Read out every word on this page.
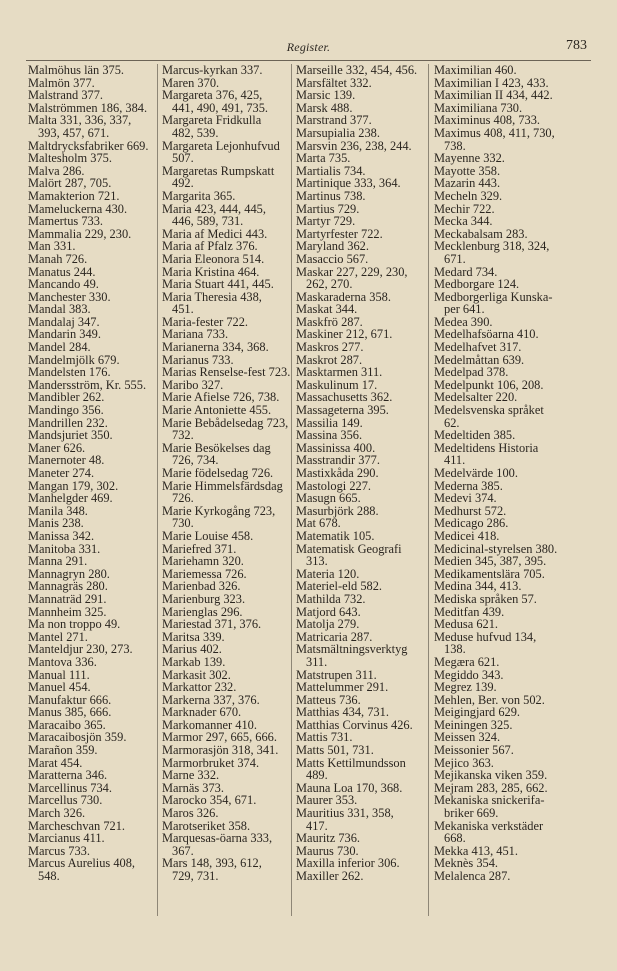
Register.	783
Malmöhus län 375.
Malmön 377.
Malstrand 377.
Malströmmen 186, 384.
Malta 331, 336, 337,
393, 457, 671.
Maltdrycksfabriker 669.
Maltesholm 375.
Malva 286.
Malört 287, 705.
Mamakterion 721.
Mameluckerna 430.
Mamertus 733.
Mammalia 229, 230.
Man 331.
Manah 726.
Manatus 244.
Mancando 49.
Manchester 330.
Mandal 383.
Mandalaj 347.
Mandarin 349.
Mandel 284.
Mandelmjölk 679.
Mandelsten 176.
Mandersström, Kr. 555.
Mandibler 262.
Mandingo 356.
Mandrillen 232.
Mandsjuriet 350.
Maner 626.
Manernoter 48.
Maneter 274.
Mangan 179, 302.
Manhelgder 469.
Manila 348.
Manis 238.
Manissa 342.
Manitoba 331.
Manna 291.
Mannagryn 280.
Mannagräs 280.
Mannaträd 291.
Mannheim 325.
Ma non troppo 49.
Mantel 271.
Manteldjur 230, 273.
Mantova 336.
Manual 111.
Manuel 454.
Manufaktur 666.
Manus 385, 666.
Maracaibo 365.
Maracaibosjön 359.
Marañon 359.
Marat 454.
Maratterna 346.
Marcellinus 734.
Marcellus 730.
March 326.
Marcheschvan 721.
Marcianus 411.
Marcus 733.
Marcus Aurelius 408,
548.
Marcus-kyrkan 337.
Maren 370.
Margareta 376, 425,
441, 490, 491, 735.
Margareta Fridkulla
482, 539.
Margareta Lejonhufvud
507.
Margaretas Rumpskatt
492.
Margarita 365.
Maria 423, 444, 445,
446, 589, 731.
Maria af Medici 443.
Maria af Pfalz 376.
Maria Eleonora 514.
Maria Kristina 464.
Maria Stuart 441, 445.
Maria Theresia 438,
451.
Maria-fester 722.
Mariana 733.
Marianerna 334, 368.
Marianus 733.
Marias Renselse-fest 723.
Maribo 327.
Marie Afielse 726, 738.
Marie Antoniette 455.
Marie Bebådelsedag 723,
732.
Marie Besökelses dag
726, 734.
Marie födelsedag 726.
Marie Himmelsfärdsdag
726.
Marie Kyrkogång 723,
730.
Marie Louise 458.
Mariefred 371.
Mariehamn 320.
Mariemessa 726.
Marienbad 326.
Marienburg 323.
Marienglas 296.
Mariestad 371, 376.
Maritsa 339.
Marius 402.
Markab 139.
Markasit 302.
Markattor 232.
Markerna 337, 376.
Marknader 670.
Markomanner 410.
Marmor 297, 665, 666.
Marmorasjön 318, 341.
Marmorbruket 374.
Marne 332.
Marnäs 373.
Marocko 354, 671.
Maros 326.
Marotseriket 358.
Marquesas-öarna 333,
367.
Mars 148, 393, 612,
729, 731.
Marseille 332, 454, 456.
Marsfältet 332.
Marsic 139.
Marsk 488.
Marstrand 377.
Marsupialia 238.
Marsvin 236, 238, 244.
Marta 735.
Martialis 734.
Martinique 333, 364.
Martinus 738.
Martius 729.
Martyr 729.
Martyrfester 722.
Maryland 362.
Masaccio 567.
Maskar 227, 229, 230,
262, 270.
Maskaraderna 358.
Maskat 344.
Maskfrö 287.
Maskiner 212, 671.
Maskros 277.
Maskrot 287.
Masktarmen 311.
Maskulinum 17.
Massachusetts 362.
Massageterna 395.
Massilia 149.
Massina 356.
Massinissa 400.
Masstrandir 377.
Mastixkåda 290.
Mastologi 227.
Masugn 665.
Masurbjörk 288.
Mat 678.
Matematik 105.
Matematisk Geografi
313.
Materia 120.
Materiel-eld 582.
Mathilda 732.
Matjord 643.
Matolja 279.
Matricaria 287.
Matsmältningsverktyg
311.
Matstrupen 311.
Mattelummer 291.
Matteus 736.
Matthias 434, 731.
Matthias Corvinus 426.
Mattis 731.
Matts 501, 731.
Matts Kettilmundsson
489.
Mauna Loa 170, 368.
Maurer 353.
Mauritius 331, 358,
417.
Mauritz 736.
Maurus 730.
Maxilla inferior 306.
Maxiller 262.
Maximilian 460.
Maximilian I 423, 433.
Maximilian II 434, 442.
Maximiliana 730.
Maximinus 408, 733.
Maximus 408, 411, 730,
738.
Mayenne 332.
Mayotte 358.
Mazarin 443.
Mecheln 329.
Mechir 722.
Mecka 344.
Meckabalsam 283.
Mecklenburg 318, 324,
671.
Medard 734.
Medborgare 124.
Medborgerliga Kunska-
per 641.
Medea 390.
Medelhafsöarna 410.
Medelhafvet 317.
Medelmåttan 639.
Medelpad 378.
Medelpunkt 106, 208.
Medelsalter 220.
Medelsvenska språket
62.
Medeltiden 385.
Medeltidens Historia
411.
Medelvärde 100.
Mederna 385.
Medevi 374.
Medhurst 572.
Medicago 286.
Medicei 418.
Medicinal-styrelsen 380.
Medien 345, 387, 395.
Medikamentslära 705.
Medina 344, 413.
Mediska språken 57.
Meditfan 439.
Medusa 621.
Meduse hufvud 134,
138.
Megæra 621.
Megiddo 343.
Megrez 139.
Mehlen, Ber. von 502.
Meigingjard 629.
Meiningen 325.
Meissen 324.
Meissonier 567.
Mejico 363.
Mejikanska viken 359.
Mejram 283, 285, 662.
Mekaniska snickerifa-
briker 669.
Mekaniska verkstäder
668.
Mekka 413, 451.
Meknès 354.
Melalenca 287.
